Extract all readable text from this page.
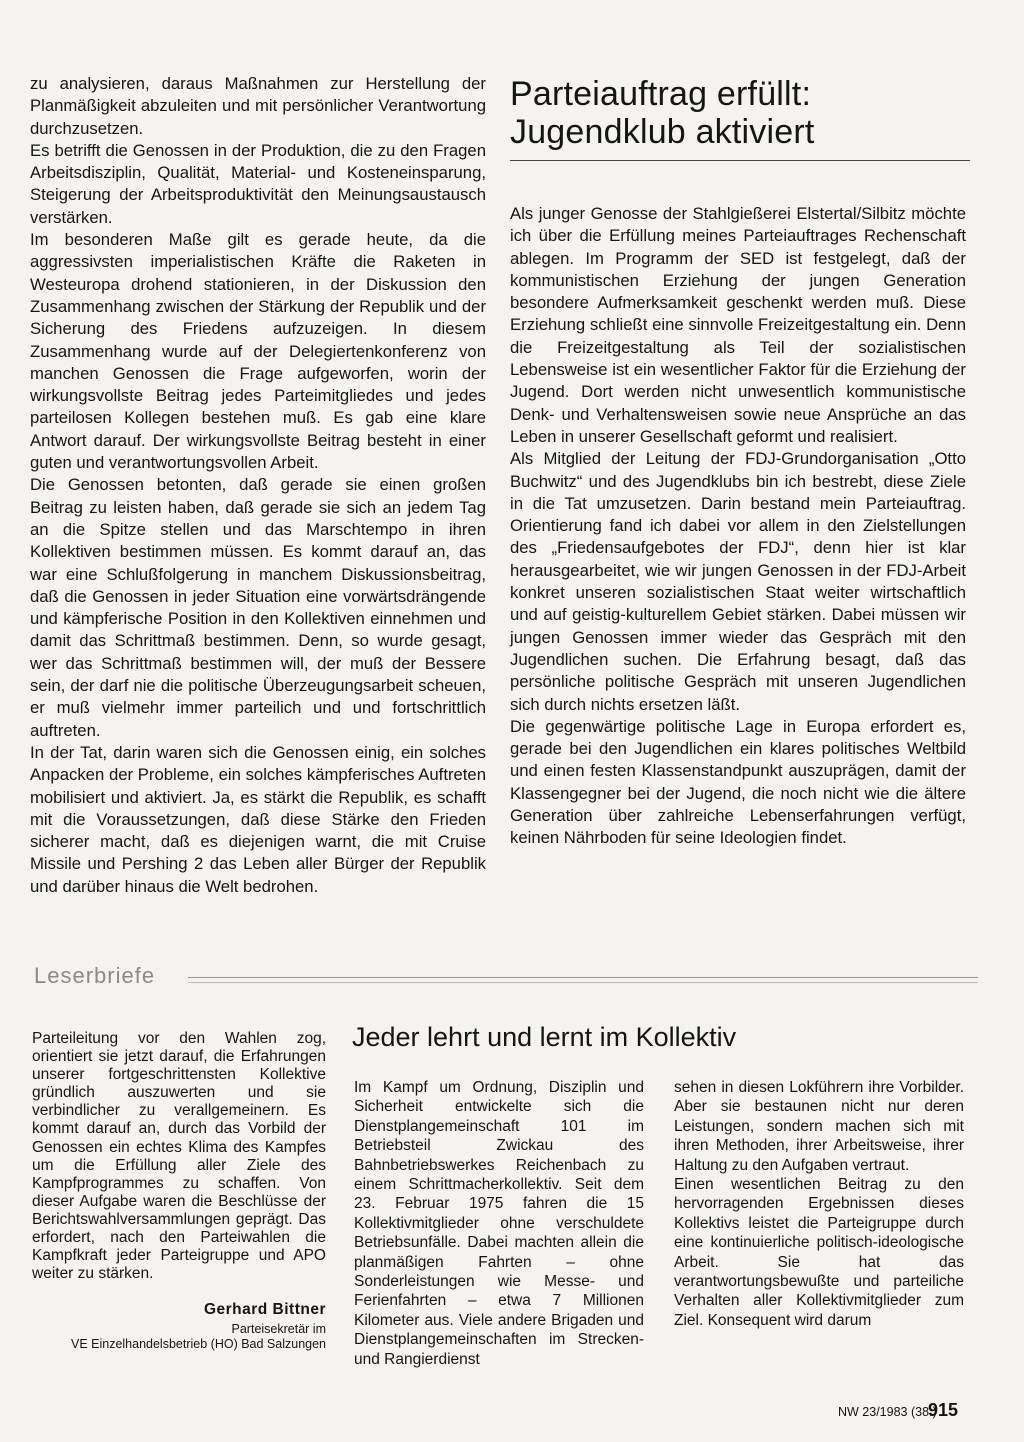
zu analysieren, daraus Maßnahmen zur Herstellung der Planmäßigkeit abzuleiten und mit persönlicher Verantwortung durchzusetzen.

Es betrifft die Genossen in der Produktion, die zu den Fragen Arbeitsdisziplin, Qualität, Material- und Kosteneinsparung, Steigerung der Arbeitsproduktivität den Meinungsaustausch verstärken.

Im besonderen Maße gilt es gerade heute, da die aggressivsten imperialistischen Kräfte die Raketen in Westeuropa drohend stationieren, in der Diskussion den Zusammenhang zwischen der Stärkung der Republik und der Sicherung des Friedens aufzuzeigen. In diesem Zusammenhang wurde auf der Delegiertenkonferenz von manchen Genossen die Frage aufgeworfen, worin der wirkungsvollste Beitrag jedes Parteimitgliedes und jedes parteilosen Kollegen bestehen muß. Es gab eine klare Antwort darauf. Der wirkungsvollste Beitrag besteht in einer guten und verantwortungsvollen Arbeit.

Die Genossen betonten, daß gerade sie einen großen Beitrag zu leisten haben, daß gerade sie sich an jedem Tag an die Spitze stellen und das Marschtempo in ihren Kollektiven bestimmen müssen. Es kommt darauf an, das war eine Schlußfolgerung in manchem Diskussionsbeitrag, daß die Genossen in jeder Situation eine vorwärtsdrängende und kämpferische Position in den Kollektiven einnehmen und damit das Schrittmaß bestimmen. Denn, so wurde gesagt, wer das Schrittmaß bestimmen will, der muß der Bessere sein, der darf nie die politische Überzeugungsarbeit scheuen, er muß vielmehr immer parteilich und und fortschrittlich auftreten.

In der Tat, darin waren sich die Genossen einig, ein solches Anpacken der Probleme, ein solches kämpferisches Auftreten mobilisiert und aktiviert. Ja, es stärkt die Republik, es schafft mit die Voraussetzungen, daß diese Stärke den Frieden sicherer macht, daß es diejenigen warnt, die mit Cruise Missile und Pershing 2 das Leben aller Bürger der Republik und darüber hinaus die Welt bedrohen.

Parteiauftrag erfüllt:
Jugendklub aktiviert

Als junger Genosse der Stahlgießerei Elstertal/Silbitz möchte ich über die Erfüllung meines Parteiauftrages Rechenschaft ablegen. Im Programm der SED ist festgelegt, daß der kommunistischen Erziehung der jungen Generation besondere Aufmerksamkeit geschenkt werden muß. Diese Erziehung schließt eine sinnvolle Freizeitgestaltung ein. Denn die Freizeitgestaltung als Teil der sozialistischen Lebensweise ist ein wesentlicher Faktor für die Erziehung der Jugend. Dort werden nicht unwesentlich kommunistische Denk- und Verhaltensweisen sowie neue Ansprüche an das Leben in unserer Gesellschaft geformt und realisiert.

Als Mitglied der Leitung der FDJ-Grundorganisation „Otto Buchwitz“ und des Jugendklubs bin ich bestrebt, diese Ziele in die Tat umzusetzen. Darin bestand mein Parteiauftrag. Orientierung fand ich dabei vor allem in den Zielstellungen des „Friedensaufgebotes der FDJ“, denn hier ist klar herausgearbeitet, wie wir jungen Genossen in der FDJ-Arbeit konkret unseren sozialistischen Staat weiter wirtschaftlich und auf geistig-kulturellem Gebiet stärken. Dabei müssen wir jungen Genossen immer wieder das Gespräch mit den Jugendlichen suchen. Die Erfahrung besagt, daß das persönliche politische Gespräch mit unseren Jugendlichen sich durch nichts ersetzen läßt.

Die gegenwärtige politische Lage in Europa erfordert es, gerade bei den Jugendlichen ein klares politisches Weltbild und einen festen Klassenstandpunkt auszuprägen, damit der Klassengegner bei der Jugend, die noch nicht wie die ältere Generation über zahlreiche Lebenserfahrungen verfügt, keinen Nährboden für seine Ideologien findet.

Leserbriefe

Parteileitung vor den Wahlen zog, orientiert sie jetzt darauf, die Erfahrungen unserer fortgeschrittensten Kollektive gründlich auszuwerten und sie verbindlicher zu verallgemeinern. Es kommt darauf an, durch das Vorbild der Genossen ein echtes Klima des Kampfes um die Erfüllung aller Ziele des Kampfprogrammes zu schaffen. Von dieser Aufgabe waren die Beschlüsse der Berichtswahlversammlungen geprägt. Das erfordert, nach den Parteiwahlen die Kampfkraft jeder Parteigruppe und APO weiter zu stärken.

Gerhard Bittner
Parteisekretär im
VE Einzelhandelsbetrieb (HO) Bad Salzungen
Jeder lehrt und lernt im Kollektiv

Im Kampf um Ordnung, Disziplin und Sicherheit entwickelte sich die Dienstplangemeinschaft 101 im Betriebsteil Zwickau des Bahnbetriebswerkes Reichenbach zu einem Schrittmacherkollektiv. Seit dem 23. Februar 1975 fahren die 15 Kollektivmitglieder ohne verschuldete Betriebsunfälle. Dabei machten allein die planmäßigen Fahrten – ohne Sonderleistungen wie Messe- und Ferienfahrten – etwa 7 Millionen Kilometer aus. Viele andere Brigaden und Dienstplangemeinschaften im Strecken- und Rangierdienst

sehen in diesen Lokführern ihre Vorbilder. Aber sie bestaunen nicht nur deren Leistungen, sondern machen sich mit ihren Methoden, ihrer Arbeitsweise, ihrer Haltung zu den Aufgaben vertraut.

Einen wesentlichen Beitrag zu den hervorragenden Ergebnissen dieses Kollektivs leistet die Parteigruppe durch eine kontinuierliche politisch-ideologische Arbeit. Sie hat das verantwortungsbewußte und parteiliche Verhalten aller Kollektivmitglieder zum Ziel. Konsequent wird darum

NW 23/1983 (38.)
915
